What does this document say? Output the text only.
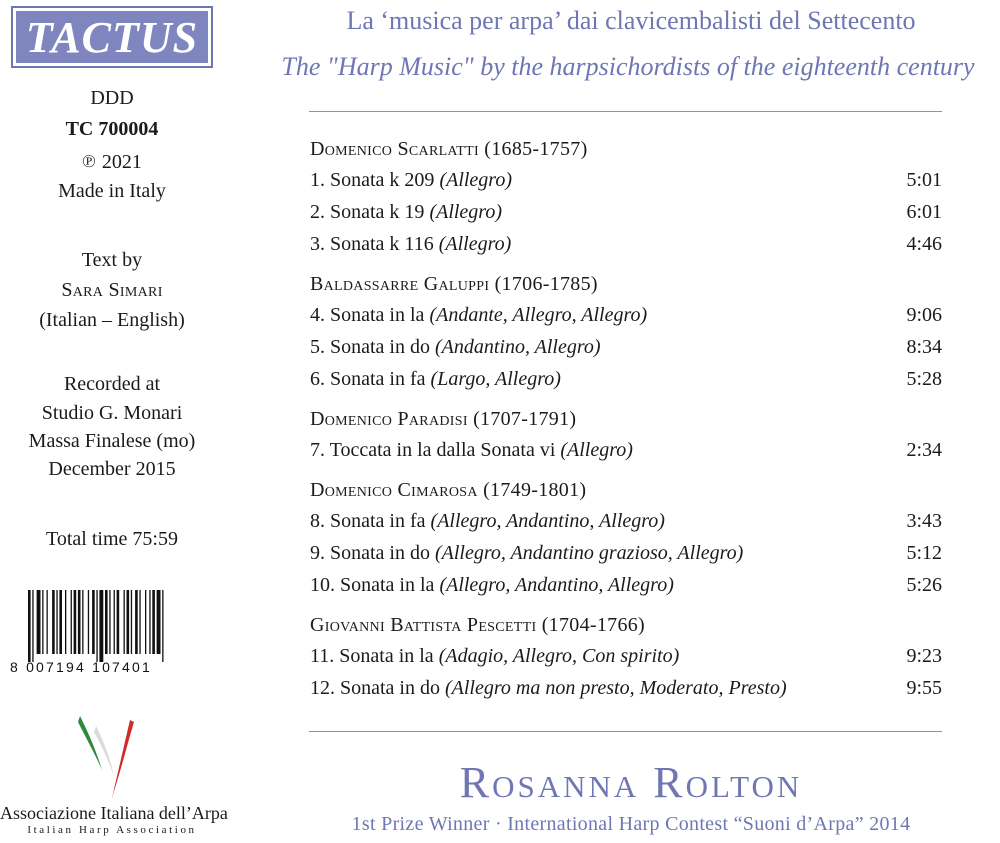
TACTUS
DDD
TC 700004
℗ 2021
Made in Italy
Text by
Sara Simari
(Italian – English)
Recorded at
Studio G. Monari
Massa Finalese (mo)
December 2015
Total time 75:59
8 007194 107401
Associazione Italiana dell’Arpa
Italian Harp Association
La ‘musica per arpa’ dai clavicembalisti del Settecento
The "Harp Music" by the harpsichordists of the eighteenth century
Domenico Scarlatti (1685-1757)
1. Sonata k 209 (Allegro)	5:01
2. Sonata k 19 (Allegro)	6:01
3. Sonata k 116 (Allegro)	4:46
Baldassarre Galuppi (1706-1785)
4. Sonata in la (Andante, Allegro, Allegro)	9:06
5. Sonata in do (Andantino, Allegro)	8:34
6. Sonata in fa (Largo, Allegro)	5:28
Domenico Paradisi (1707-1791)
7. Toccata in la dalla Sonata vi (Allegro)	2:34
Domenico Cimarosa (1749-1801)
8. Sonata in fa (Allegro, Andantino, Allegro)	3:43
9. Sonata in do (Allegro, Andantino grazioso, Allegro)	5:12
10. Sonata in la (Allegro, Andantino, Allegro)	5:26
Giovanni Battista Pescetti (1704-1766)
11. Sonata in la (Adagio, Allegro, Con spirito)	9:23
12. Sonata in do (Allegro ma non presto, Moderato, Presto)	9:55
Rosanna Rolton
1st Prize Winner · International Harp Contest “Suoni d’Arpa” 2014
